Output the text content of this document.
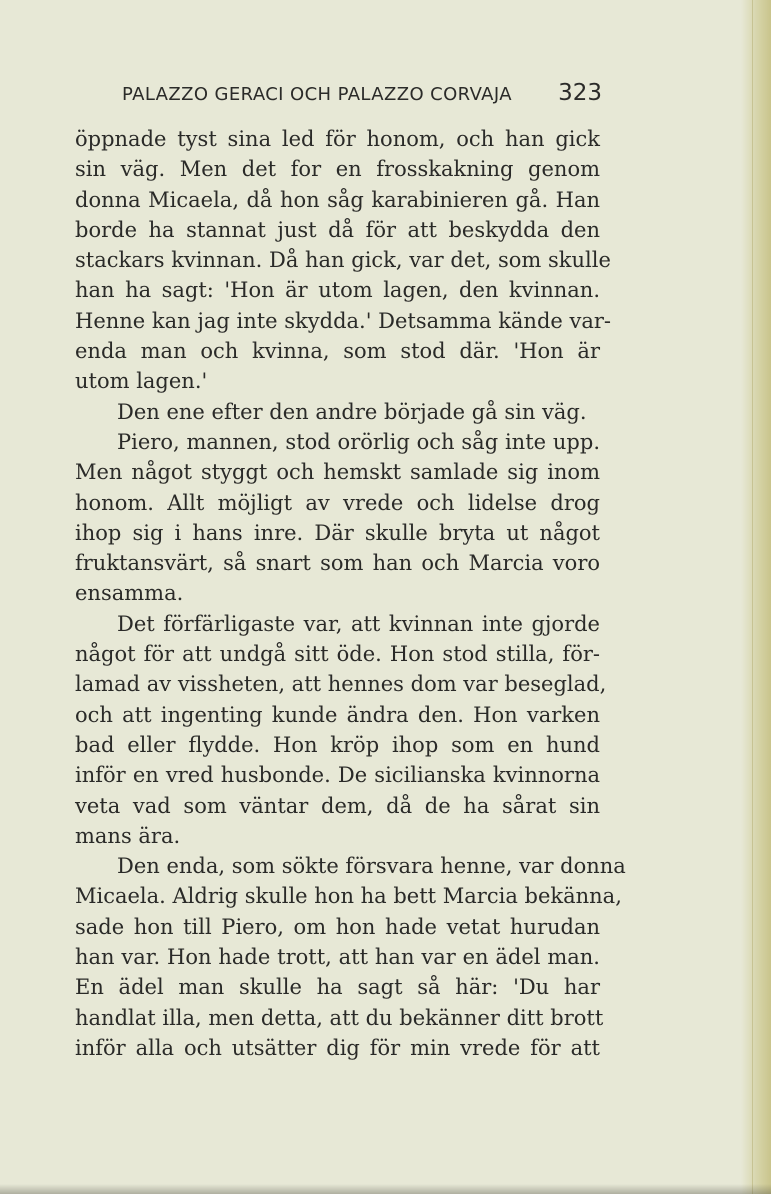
PALAZZO GERACI OCH PALAZZO CORVAJA 323
öppnade tyst sina led för honom, och han gick
sin väg. Men det for en frosskakning genom
donna Micaela, då hon såg karabinieren gå. Han
borde ha stannat just då för att beskydda den
stackars kvinnan. Då han gick, var det, som skulle
han ha sagt: 'Hon är utom lagen, den kvinnan.
Henne kan jag inte skydda.' Detsamma kände var-
enda man och kvinna, som stod där. 'Hon är
utom lagen.'
Den ene efter den andre började gå sin väg.
Piero, mannen, stod orörlig och såg inte upp.
Men något styggt och hemskt samlade sig inom
honom. Allt möjligt av vrede och lidelse drog
ihop sig i hans inre. Där skulle bryta ut något
fruktansvärt, så snart som han och Marcia voro
ensamma.
Det förfärligaste var, att kvinnan inte gjorde
något för att undgå sitt öde. Hon stod stilla, för-
lamad av vissheten, att hennes dom var beseglad,
och att ingenting kunde ändra den. Hon varken
bad eller flydde. Hon kröp ihop som en hund
inför en vred husbonde. De sicilianska kvinnorna
veta vad som väntar dem, då de ha sårat sin
mans ära.
Den enda, som sökte försvara henne, var donna
Micaela. Aldrig skulle hon ha bett Marcia bekänna,
sade hon till Piero, om hon hade vetat hurudan
han var. Hon hade trott, att han var en ädel man.
En ädel man skulle ha sagt så här: 'Du har
handlat illa, men detta, att du bekänner ditt brott
inför alla och utsätter dig för min vrede för att
